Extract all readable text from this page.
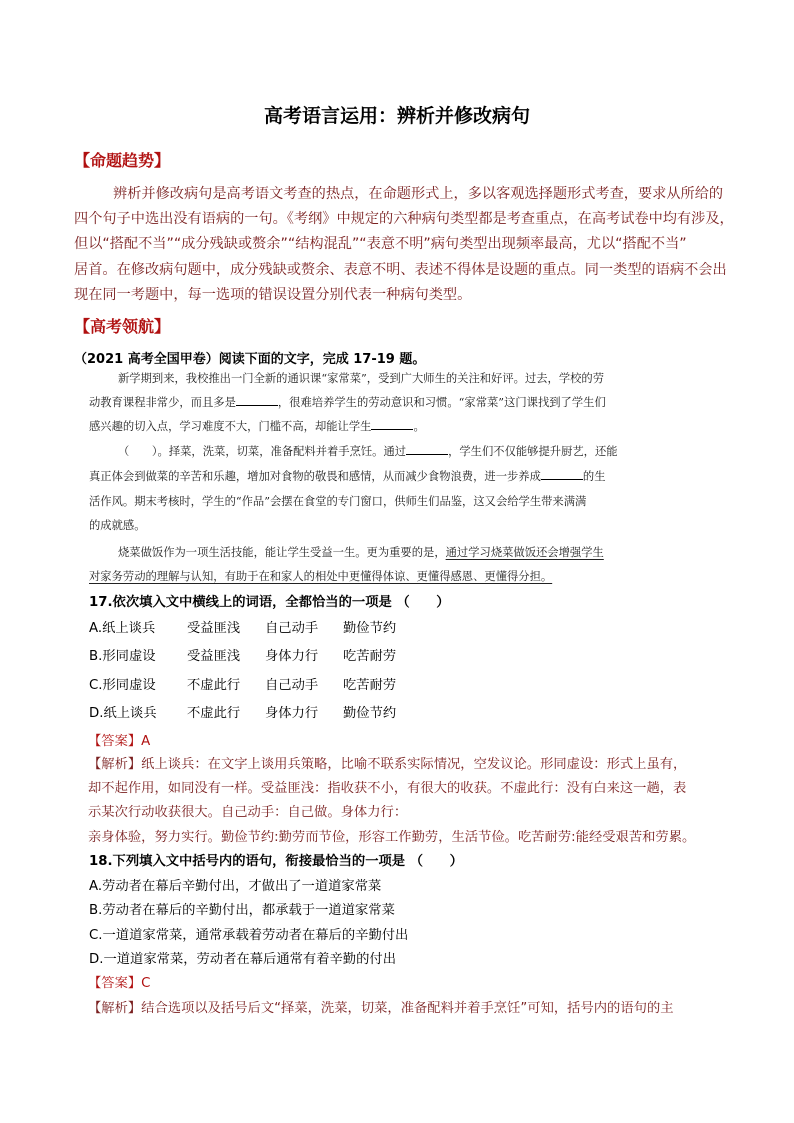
高考语言运用：辨析并修改病句
【命题趋势】
辨析并修改病句是高考语文考查的热点，在命题形式上，多以客观选择题形式考查，要求从所给的
四个句子中选出没有语病的一句。《考纲》中规定的六种病句类型都是考查重点，在高考试卷中均有涉及，
但以“搭配不当”“成分残缺或赘余”“结构混乱”“表意不明”病句类型出现频率最高，尤以“搭配不当”
居首。在修改病句题中，成分残缺或赘余、表意不明、表述不得体是设题的重点。同一类型的语病不会出
现在同一考题中，每一选项的错误设置分别代表一种病句类型。
【高考领航】
（2021 高考全国甲卷）阅读下面的文字，完成 17-19 题。
新学期到来，我校推出一门全新的通识课“家常菜”，受到广大师生的关注和好评。过去，学校的劳
动教育课程非常少，而且多是	，很难培养学生的劳动意识和习惯。“家常菜”这门课找到了学生们
感兴趣的切入点，学习难度不大，门槛不高，却能让学生	。
（　　）。择菜，洗菜，切菜，准备配料并着手烹饪。通过	，学生们不仅能够提升厨艺，还能
真正体会到做菜的辛苦和乐趣，增加对食物的敬畏和感情，从而减少食物浪费，进一步养成	的生
活作风。期末考核时，学生的“作品”会摆在食堂的专门窗口，供师生们品鉴，这又会给学生带来满满
的成就感。
烧菜做饭作为一项生活技能，能让学生受益一生。更为重要的是，通过学习烧菜做饭还会增强学生
对家务劳动的理解与认知，有助于在和家人的相处中更懂得体谅、更懂得感恩、更懂得分担。
17.依次填入文中横线上的词语，全都恰当的一项是 （　　）
A.纸上谈兵 受益匪浅 自己动手 勤俭节约
B.形同虚设 受益匪浅 身体力行 吃苦耐劳
C.形同虚设 不虚此行 自己动手 吃苦耐劳
D.纸上谈兵 不虚此行 身体力行 勤俭节约
【答案】A
【解析】纸上谈兵：在文字上谈用兵策略，比喻不联系实际情况，空发议论。形同虚设：形式上虽有，
却不起作用，如同没有一样。受益匪浅：指收获不小，有很大的收获。不虚此行：没有白来这一趟，表
示某次行动收获很大。自己动手：自己做。身体力行：
亲身体验，努力实行。勤俭节约:勤劳而节俭，形容工作勤劳，生活节俭。吃苦耐劳:能经受艰苦和劳累。
18.下列填入文中括号内的语句，衔接最恰当的一项是 （　　）
A.劳动者在幕后辛勤付出，才做出了一道道家常菜
B.劳动者在幕后的辛勤付出，都承载于一道道家常菜
C.一道道家常菜，通常承载着劳动者在幕后的辛勤付出
D.一道道家常菜，劳动者在幕后通常有着辛勤的付出
【答案】C
【解析】结合选项以及括号后文“择菜，洗菜，切菜，准备配料并着手烹饪”可知，括号内的语句的主
